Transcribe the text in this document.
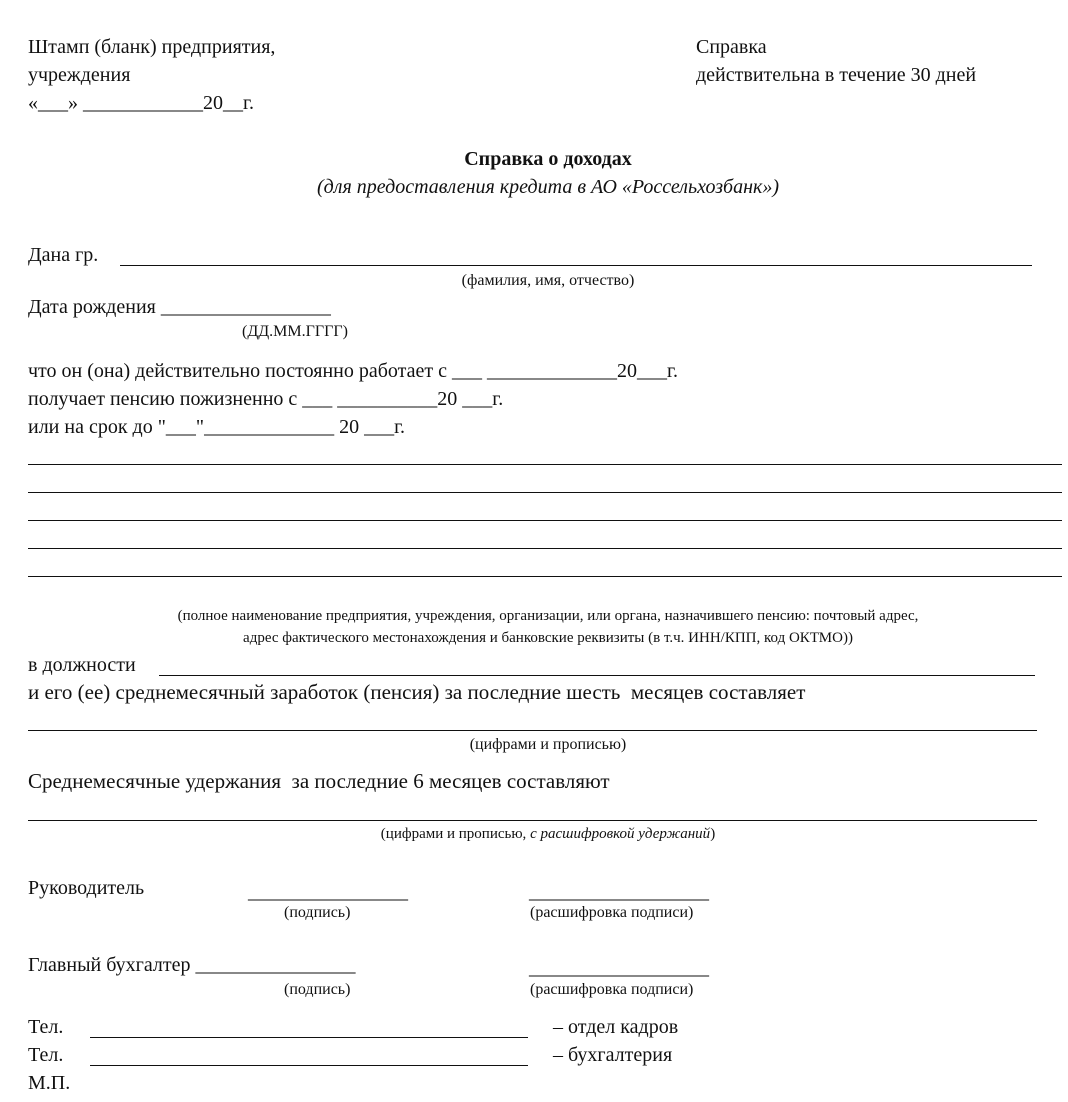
Штамп (бланк) предприятия,
учреждения
«___» ____________20__г.
Справка
действительна в течение 30 дней
Справка о доходах
(для предоставления кредита в АО «Россельхозбанк»)
Дана гр.
(фамилия, имя, отчество)
Дата рождения _________________
(ДД.ММ.ГГГГ)
что он (она) действительно постоянно работает с ___ _____________20___г.
получает пенсию пожизненно с ___ __________20 ___г.
или на срок до "___"_____________ 20 ___г.
(полное наименование предприятия, учреждения, организации, или органа, назначившего пенсию: почтовый адрес,
адрес фактического местонахождения и банковские реквизиты (в т.ч. ИНН/КПП, код ОКТМО))
в должности
и его (ее) среднемесячный заработок (пенсия) за последние шесть  месяцев составляет
(цифрами и прописью)
Среднемесячные удержания  за последние 6 месяцев составляют
(цифрами и прописью, с расшифровкой удержаний)
Руководитель	________________	__________________
(подпись)	(расшифровка подписи)
Главный бухгалтер ________________	__________________
(подпись)	(расшифровка подписи)
Тел.	– отдел кадров
Тел.	– бухгалтерия
М.П.
